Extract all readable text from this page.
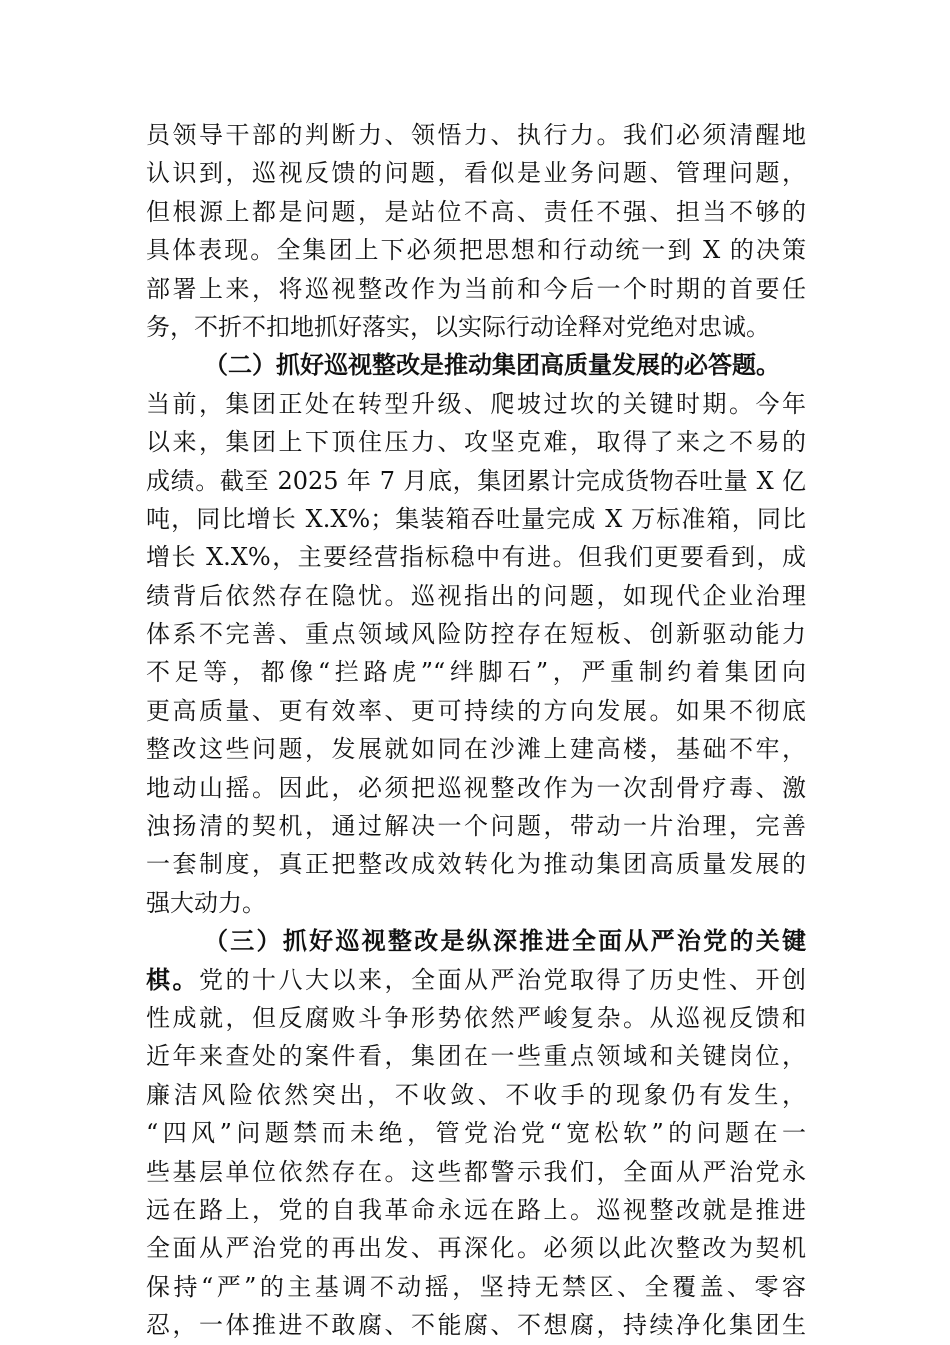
员领导干部的判断力、领悟力、执行力。我们必须清醒地
认识到，巡视反馈的问题，看似是业务问题、管理问题，
但根源上都是问题，是站位不高、责任不强、担当不够的
具体表现。全集团上下必须把思想和行动统一到 X 的决策
部署上来，将巡视整改作为当前和今后一个时期的首要任
务，不折不扣地抓好落实，以实际行动诠释对党绝对忠诚。
（二）抓好巡视整改是推动集团高质量发展的必答题。
当前，集团正处在转型升级、爬坡过坎的关键时期。今年
以来，集团上下顶住压力、攻坚克难，取得了来之不易的
成绩。截至 2025 年 7 月底，集团累计完成货物吞吐量 X 亿
吨，同比增长 X.X%；集装箱吞吐量完成 X 万标准箱，同比
增长 X.X%，主要经营指标稳中有进。但我们更要看到，成
绩背后依然存在隐忧。巡视指出的问题，如现代企业治理
体系不完善、重点领域风险防控存在短板、创新驱动能力
不足等，都像“拦路虎”“绊脚石”，严重制约着集团向
更高质量、更有效率、更可持续的方向发展。如果不彻底
整改这些问题，发展就如同在沙滩上建高楼，基础不牢，
地动山摇。因此，必须把巡视整改作为一次刮骨疗毒、激
浊扬清的契机，通过解决一个问题，带动一片治理，完善
一套制度，真正把整改成效转化为推动集团高质量发展的
强大动力。
（三）抓好巡视整改是纵深推进全面从严治党的关键
棋。党的十八大以来，全面从严治党取得了历史性、开创
性成就，但反腐败斗争形势依然严峻复杂。从巡视反馈和
近年来查处的案件看，集团在一些重点领域和关键岗位，
廉洁风险依然突出，不收敛、不收手的现象仍有发生，
“四风”问题禁而未绝，管党治党“宽松软”的问题在一
些基层单位依然存在。这些都警示我们，全面从严治党永
远在路上，党的自我革命永远在路上。巡视整改就是推进
全面从严治党的再出发、再深化。必须以此次整改为契机
保持“严”的主基调不动摇，坚持无禁区、全覆盖、零容
忍，一体推进不敢腐、不能腐、不想腐，持续净化集团生
